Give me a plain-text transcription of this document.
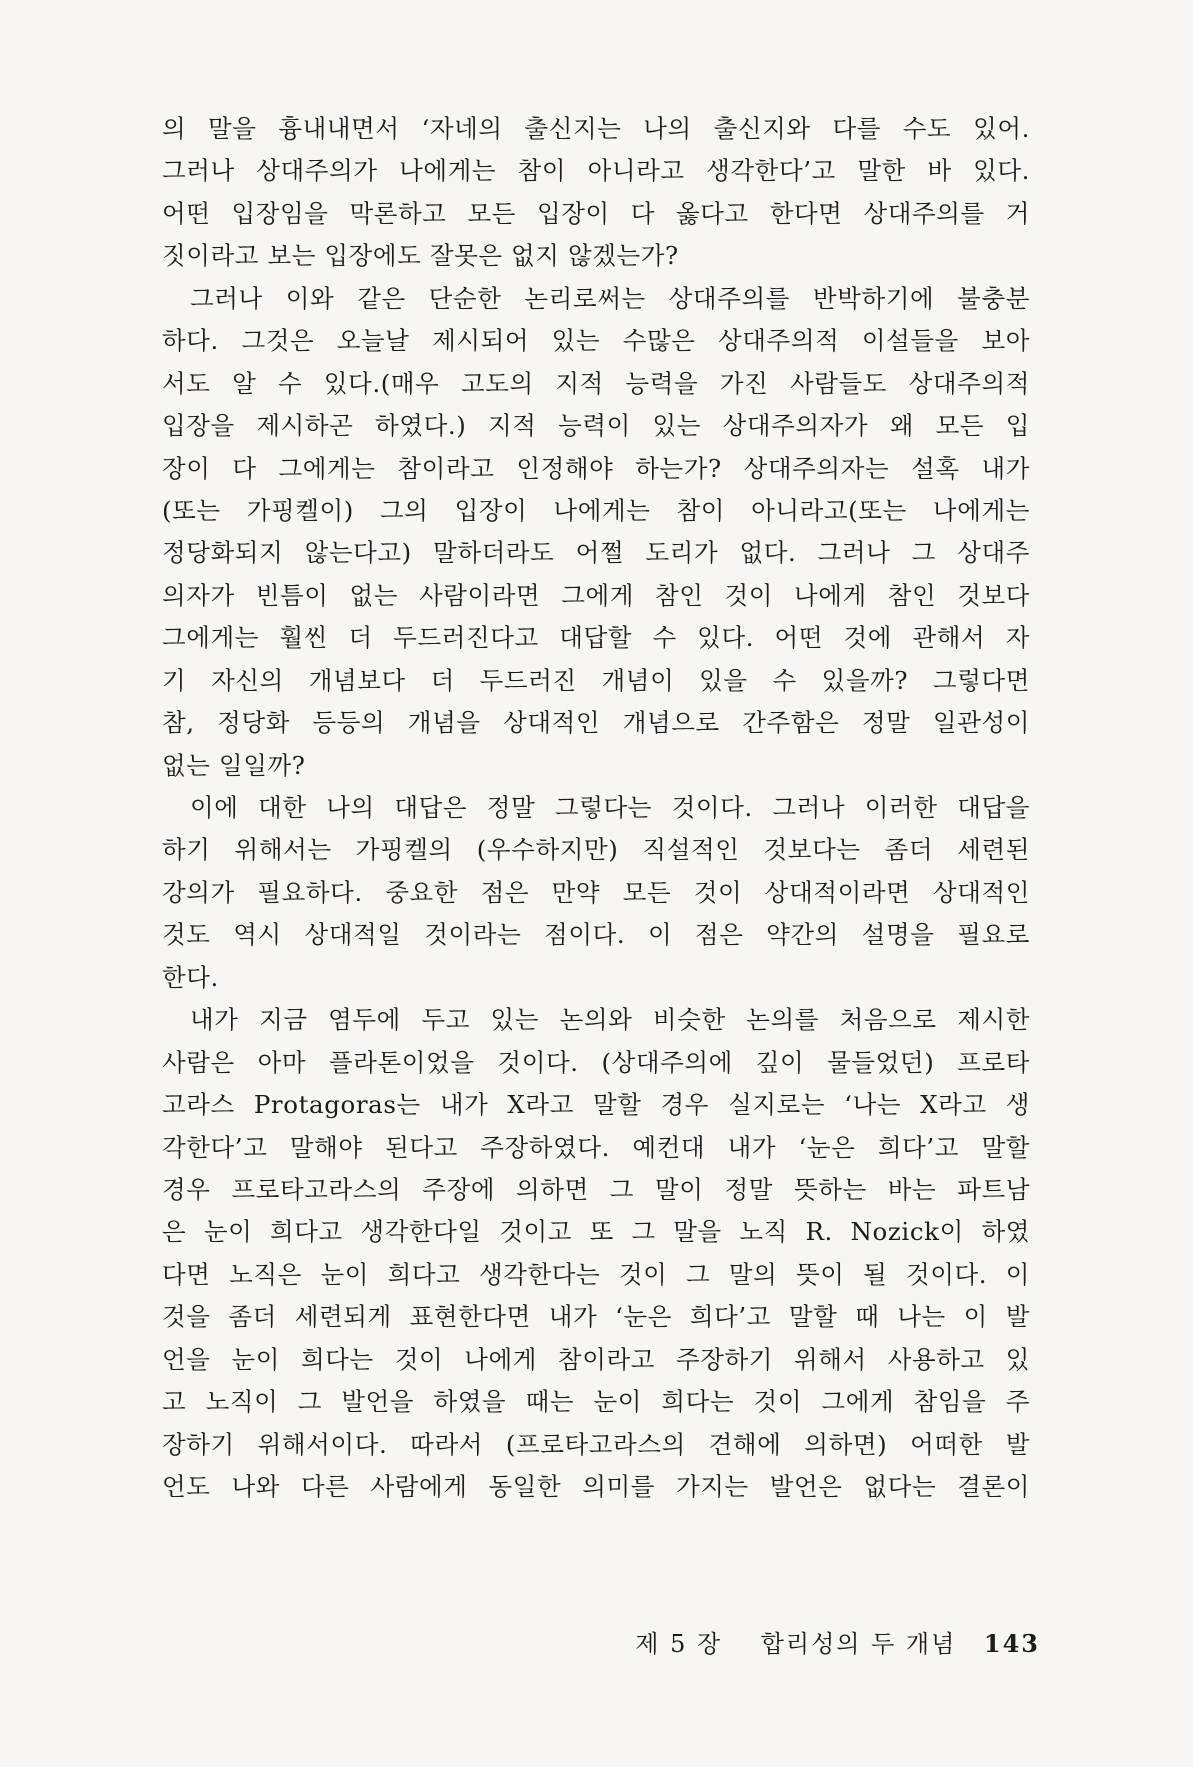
의 말을 흉내내면서 ‘자네의 출신지는 나의 출신지와 다를 수도 있어.
그러나 상대주의가 나에게는 참이 아니라고 생각한다’고 말한 바 있다.
어떤 입장임을 막론하고 모든 입장이 다 옳다고 한다면 상대주의를 거
짓이라고 보는 입장에도 잘못은 없지 않겠는가?
그러나 이와 같은 단순한 논리로써는 상대주의를 반박하기에 불충분
하다. 그것은 오늘날 제시되어 있는 수많은 상대주의적 이설들을 보아
서도 알 수 있다.(매우 고도의 지적 능력을 가진 사람들도 상대주의적
입장을 제시하곤 하였다.) 지적 능력이 있는 상대주의자가 왜 모든 입
장이 다 그에게는 참이라고 인정해야 하는가? 상대주의자는 설혹 내가
(또는 가핑켈이) 그의 입장이 나에게는 참이 아니라고(또는 나에게는
정당화되지 않는다고) 말하더라도 어쩔 도리가 없다. 그러나 그 상대주
의자가 빈틈이 없는 사람이라면 그에게 참인 것이 나에게 참인 것보다
그에게는 훨씬 더 두드러진다고 대답할 수 있다. 어떤 것에 관해서 자
기 자신의 개념보다 더 두드러진 개념이 있을 수 있을까? 그렇다면
참, 정당화 등등의 개념을 상대적인 개념으로 간주함은 정말 일관성이
없는 일일까?
이에 대한 나의 대답은 정말 그렇다는 것이다. 그러나 이러한 대답을
하기 위해서는 가핑켈의 (우수하지만) 직설적인 것보다는 좀더 세련된
강의가 필요하다. 중요한 점은 만약 모든 것이 상대적이라면 상대적인
것도 역시 상대적일 것이라는 점이다. 이 점은 약간의 설명을 필요로
한다.
내가 지금 염두에 두고 있는 논의와 비슷한 논의를 처음으로 제시한
사람은 아마 플라톤이었을 것이다. (상대주의에 깊이 물들었던) 프로타
고라스 Protagoras는 내가 X라고 말할 경우 실지로는 ‘나는 X라고 생
각한다’고 말해야 된다고 주장하였다. 예컨대 내가 ‘눈은 희다’고 말할
경우 프로타고라스의 주장에 의하면 그 말이 정말 뜻하는 바는 파트남
은 눈이 희다고 생각한다일 것이고 또 그 말을 노직 R. Nozick이 하였
다면 노직은 눈이 희다고 생각한다는 것이 그 말의 뜻이 될 것이다. 이
것을 좀더 세련되게 표현한다면 내가 ‘눈은 희다’고 말할 때 나는 이 발
언을 눈이 희다는 것이 나에게 참이라고 주장하기 위해서 사용하고 있
고 노직이 그 발언을 하였을 때는 눈이 희다는 것이 그에게 참임을 주
장하기 위해서이다. 따라서 (프로타고라스의 견해에 의하면) 어떠한 발
언도 나와 다른 사람에게 동일한 의미를 가지는 발언은 없다는 결론이
제 5 장 합리성의 두 개념 143
